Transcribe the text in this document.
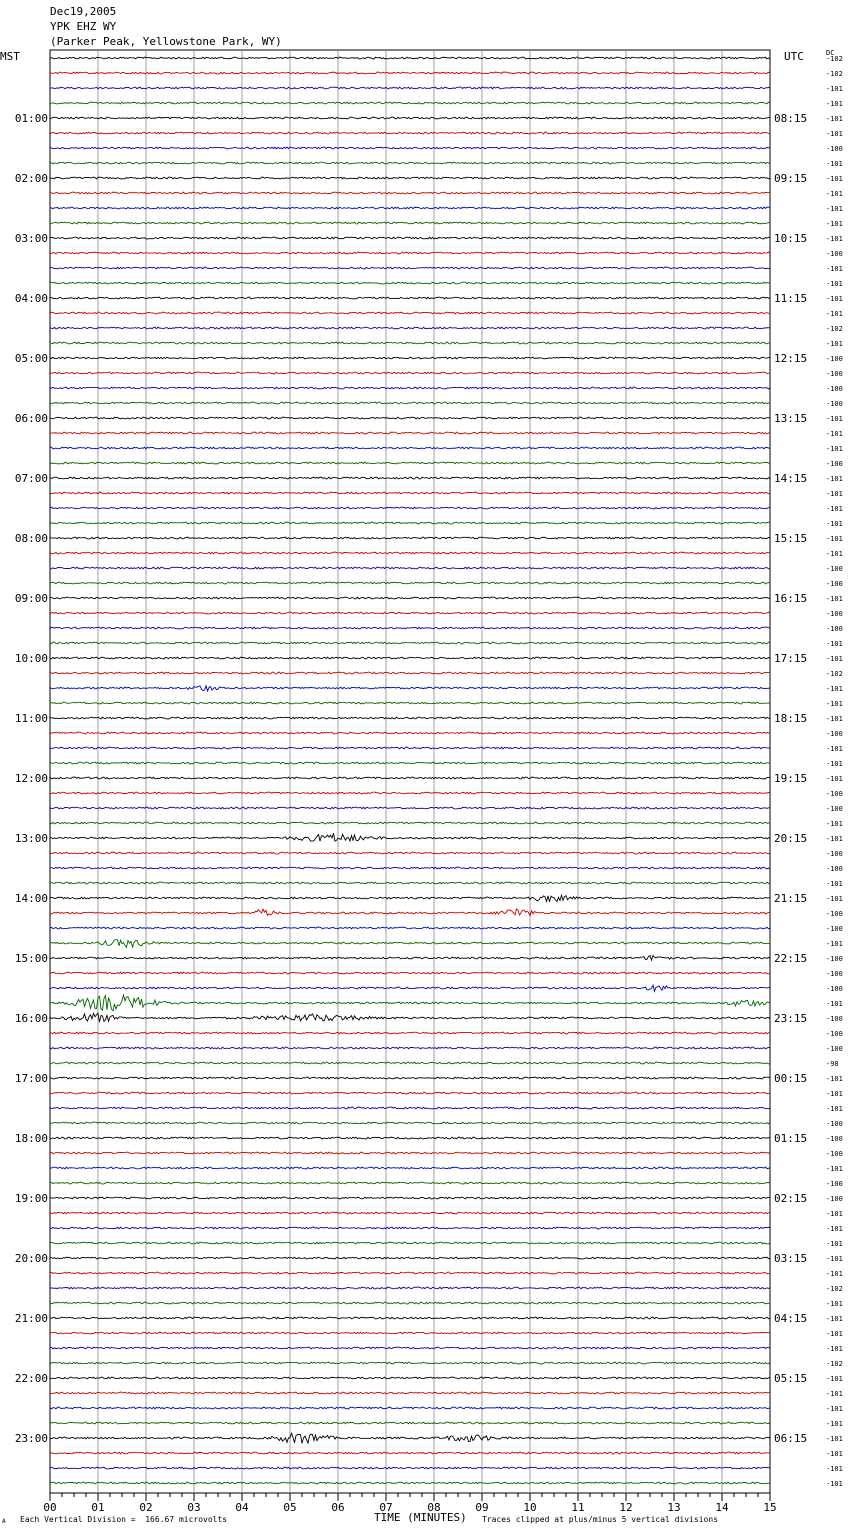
Dec19,2005
YPK EHZ WY
(Parker Peak, Yellowstone Park, WY)
MST	UTC	DC
00	01	02	03	04	05	06	07	08	09	10	11	12	13	14	15
-102
-102
-101
-101
-101
-101
-100
-101
-101
-101
-101
-101
-101
-100
-101
-101
-101
-101
-102
-101
-100
-100
-100
-100
-101
-101
-101
-100
-101
-101
-101
-101
-101
-101
-100
-100
-101
-100
-100
-101
-101
-102
-101
-101
-101
-100
-101
-101
-101
-100
-100
-101
-101
-100
-100
-101
-101
-100
-100
-101
-100
-100
-100
-101
-100
-100
-100
-98
-101
-101
-101
-100
-100
-100
-101
-100
-100
-101
-101
-101
-101
-101
-102
-101
-101
-101
-101
-102
-101
-101
-101
-101
-101
-101
-101
-101
01:00
02:00
03:00
04:00
05:00
06:00
07:00
08:00
09:00
10:00
11:00
12:00
13:00
14:00
15:00
16:00
17:00
18:00
19:00
20:00
21:00
22:00
23:00
08:15
09:15
10:15
11:15
12:15
13:15
14:15
15:15
16:15
17:15
18:15
19:15
20:15
21:15
22:15
23:15
00:15
01:15
02:15
03:15
04:15
05:15
06:15
A Each Vertical Division =  166.67 microvolts	TIME (MINUTES) Traces clipped at plus/minus 5 vertical divisions
